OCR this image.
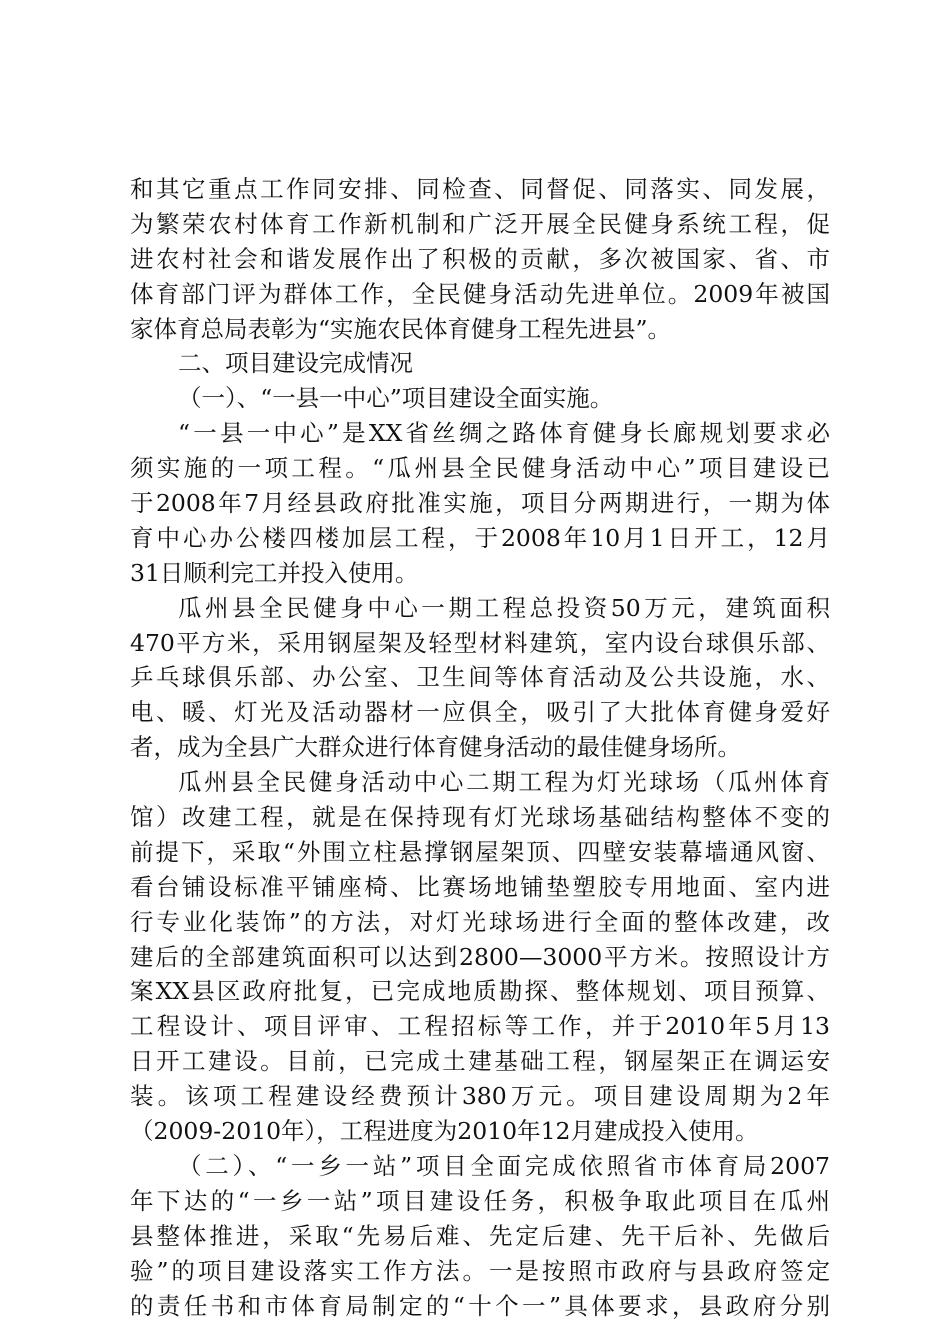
和其它重点工作同安排、同检查、同督促、同落实、同发展，
为繁荣农村体育工作新机制和广泛开展全民健身系统工程，促
进农村社会和谐发展作出了积极的贡献，多次被国家、省、市
体育部门评为群体工作，全民健身活动先进单位。2009年被国
家体育总局表彰为“实施农民体育健身工程先进县”。
二、项目建设完成情况
（一）、“一县一中心”项目建设全面实施。
“一县一中心”是XX省丝绸之路体育健身长廊规划要求必
须实施的一项工程。“瓜州县全民健身活动中心”项目建设已
于2008年7月经县政府批准实施，项目分两期进行，一期为体
育中心办公楼四楼加层工程，于2008年10月1日开工，12月
31日顺利完工并投入使用。
瓜州县全民健身中心一期工程总投资50万元，建筑面积
470平方米，采用钢屋架及轻型材料建筑，室内设台球俱乐部、
乒乓球俱乐部、办公室、卫生间等体育活动及公共设施，水、
电、暖、灯光及活动器材一应俱全，吸引了大批体育健身爱好
者，成为全县广大群众进行体育健身活动的最佳健身场所。
瓜州县全民健身活动中心二期工程为灯光球场（瓜州体育
馆）改建工程，就是在保持现有灯光球场基础结构整体不变的
前提下，采取“外围立柱悬撑钢屋架顶、四壁安装幕墙通风窗、
看台铺设标准平铺座椅、比赛场地铺垫塑胶专用地面、室内进
行专业化装饰”的方法，对灯光球场进行全面的整体改建，改
建后的全部建筑面积可以达到2800—3000平方米。按照设计方
案XX县区政府批复，已完成地质勘探、整体规划、项目预算、
工程设计、项目评审、工程招标等工作，并于2010年5月13
日开工建设。目前，已完成土建基础工程，钢屋架正在调运安
装。该项工程建设经费预计380万元。项目建设周期为2年
（2009-2010年），工程进度为2010年12月建成投入使用。
（二）、“一乡一站”项目全面完成依照省市体育局2007
年下达的“一乡一站”项目建设任务，积极争取此项目在瓜州
县整体推进，采取“先易后难、先定后建、先干后补、先做后
验”的项目建设落实工作方法。一是按照市政府与县政府签定
的责任书和市体育局制定的“十个一”具体要求，县政府分别
